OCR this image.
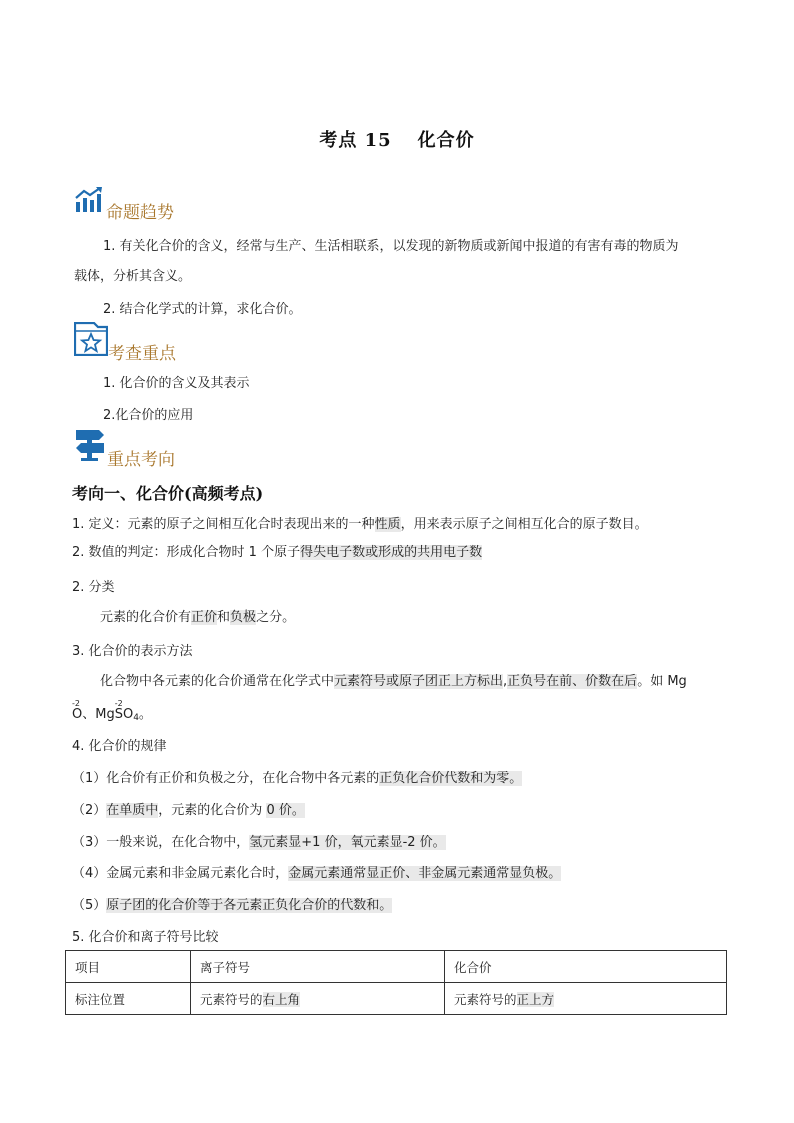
考点 15 化合价
命题趋势
1. 有关化合价的含义，经常与生产、生活相联系，以发现的新物质或新闻中报道的有害有毒的物质为
载体，分析其含义。
2. 结合化学式的计算，求化合价。
考查重点
1. 化合价的含义及其表示
2.化合价的应用
重点考向
考向一、化合价(高频考点)
1. 定义：元素的原子之间相互化合时表现出来的一种性质，用来表示原子之间相互化合的原子数目。
2. 数值的判定：形成化合物时 1 个原子得失电子数或形成的共用电子数
2. 分类
元素的化合价有正价和负极之分。
3. 化合价的表示方法
化合物中各元素的化合价通常在化学式中元素符号或原子团正上方标出,正负号在前、价数在后。如 Mg
-2
O、Mg
-2
$SO_4$。
4. 化合价的规律
（1）化合价有正价和负极之分，在化合物中各元素的正负化合价代数和为零。
（2）在单质中，元素的化合价为 0 价。
（3）一般来说，在化合物中，氢元素显+1 价，氧元素显-2 价。
（4）金属元素和非金属元素化合时，金属元素通常显正价、非金属元素通常显负极。
（5）原子团的化合价等于各元素正负化合价的代数和。
5. 化合价和离子符号比较
项目	离子符号	化合价
标注位置	元素符号的右上角	元素符号的正上方
